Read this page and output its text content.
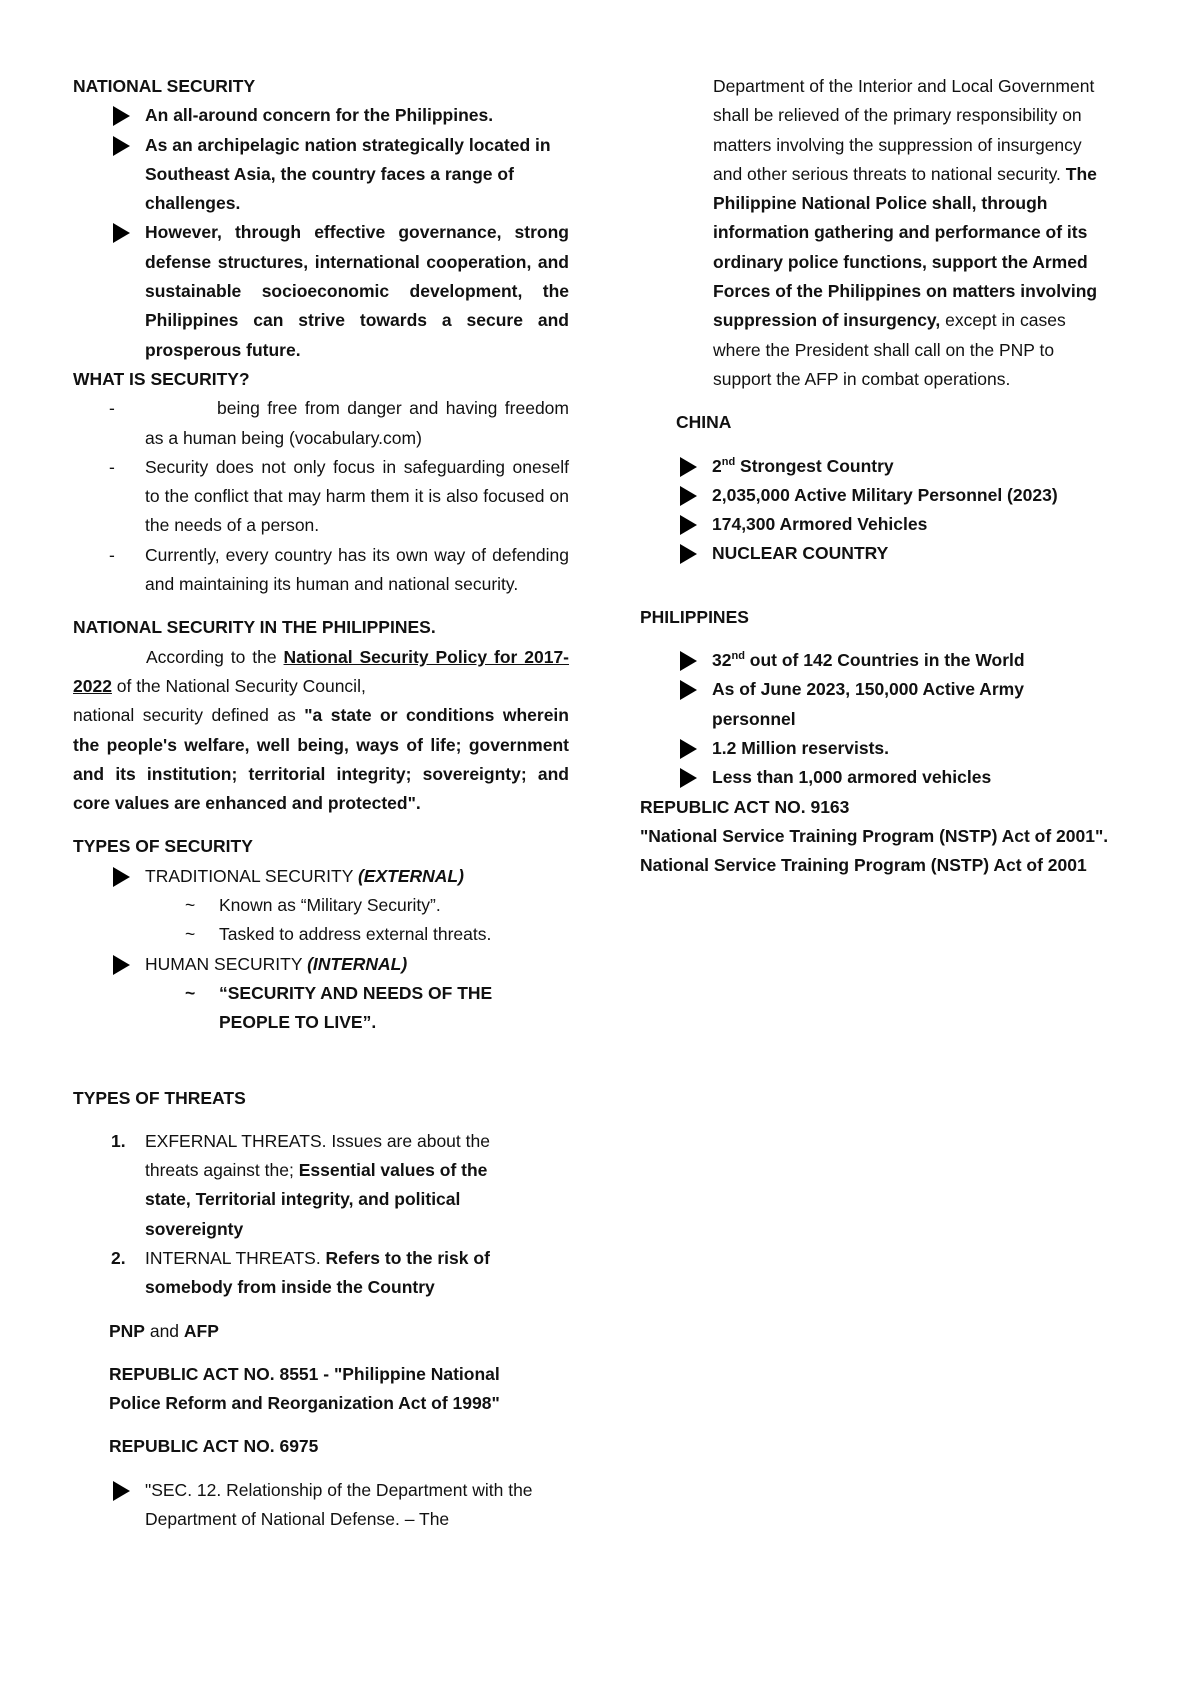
NATIONAL SECURITY

An all-around concern for the Philippines.
As an archipelagic nation strategically located in Southeast Asia, the country faces a range of challenges.
However, through effective governance, strong defense structures, international cooperation, and sustainable socioeconomic development, the Philippines can strive towards a secure and prosperous future.

WHAT IS SECURITY?

-	being free from danger and having freedom as a human being (vocabulary.com)
- Security does not only focus in safeguarding oneself to the conflict that may harm them it is also focused on the needs of a person.
- Currently, every country has its own way of defending and maintaining its human and national security.

NATIONAL SECURITY IN THE PHILIPPINES.

According to the National Security Policy for 2017-2022 of the National Security Council,
national security defined as "a state or conditions wherein the people's welfare, well being, ways of life; government and its institution; territorial integrity; sovereignty; and core values are enhanced and protected".

TYPES OF SECURITY

TRADITIONAL SECURITY (EXTERNAL)
~ Known as “Military Security”.
~ Tasked to address external threats.
HUMAN SECURITY (INTERNAL)
~ “SECURITY AND NEEDS OF THE PEOPLE TO LIVE”.

TYPES OF THREATS

1. EXFERNAL THREATS. Issues are about the threats against the; Essential values of the state, Territorial integrity, and political sovereignty
2. INTERNAL THREATS. Refers to the risk of somebody from inside the Country
PNP and AFP
REPUBLIC ACT NO. 8551 - "Philippine National Police Reform and Reorganization Act of 1998"
REPUBLIC ACT NO. 6975
"SEC. 12. Relationship of the Department with the Department of National Defense. – The
Department of the Interior and Local Government shall be relieved of the primary responsibility on matters involving the suppression of insurgency and other serious threats to national security. The Philippine National Police shall, through information gathering and performance of its ordinary police functions, support the Armed Forces of the Philippines on matters involving suppression of insurgency, except in cases where the President shall call on the PNP to support the AFP in combat operations.

CHINA

2nd Strongest Country
2,035,000 Active Military Personnel (2023)
174,300 Armored Vehicles
NUCLEAR COUNTRY

PHILIPPINES

32nd out of 142 Countries in the World
As of June 2023, 150,000 Active Army personnel
1.2 Million reservists.
Less than 1,000 armored vehicles

REPUBLIC ACT NO. 9163

"National Service Training Program (NSTP) Act of 2001".    National Service Training Program (NSTP) Act of 2001
